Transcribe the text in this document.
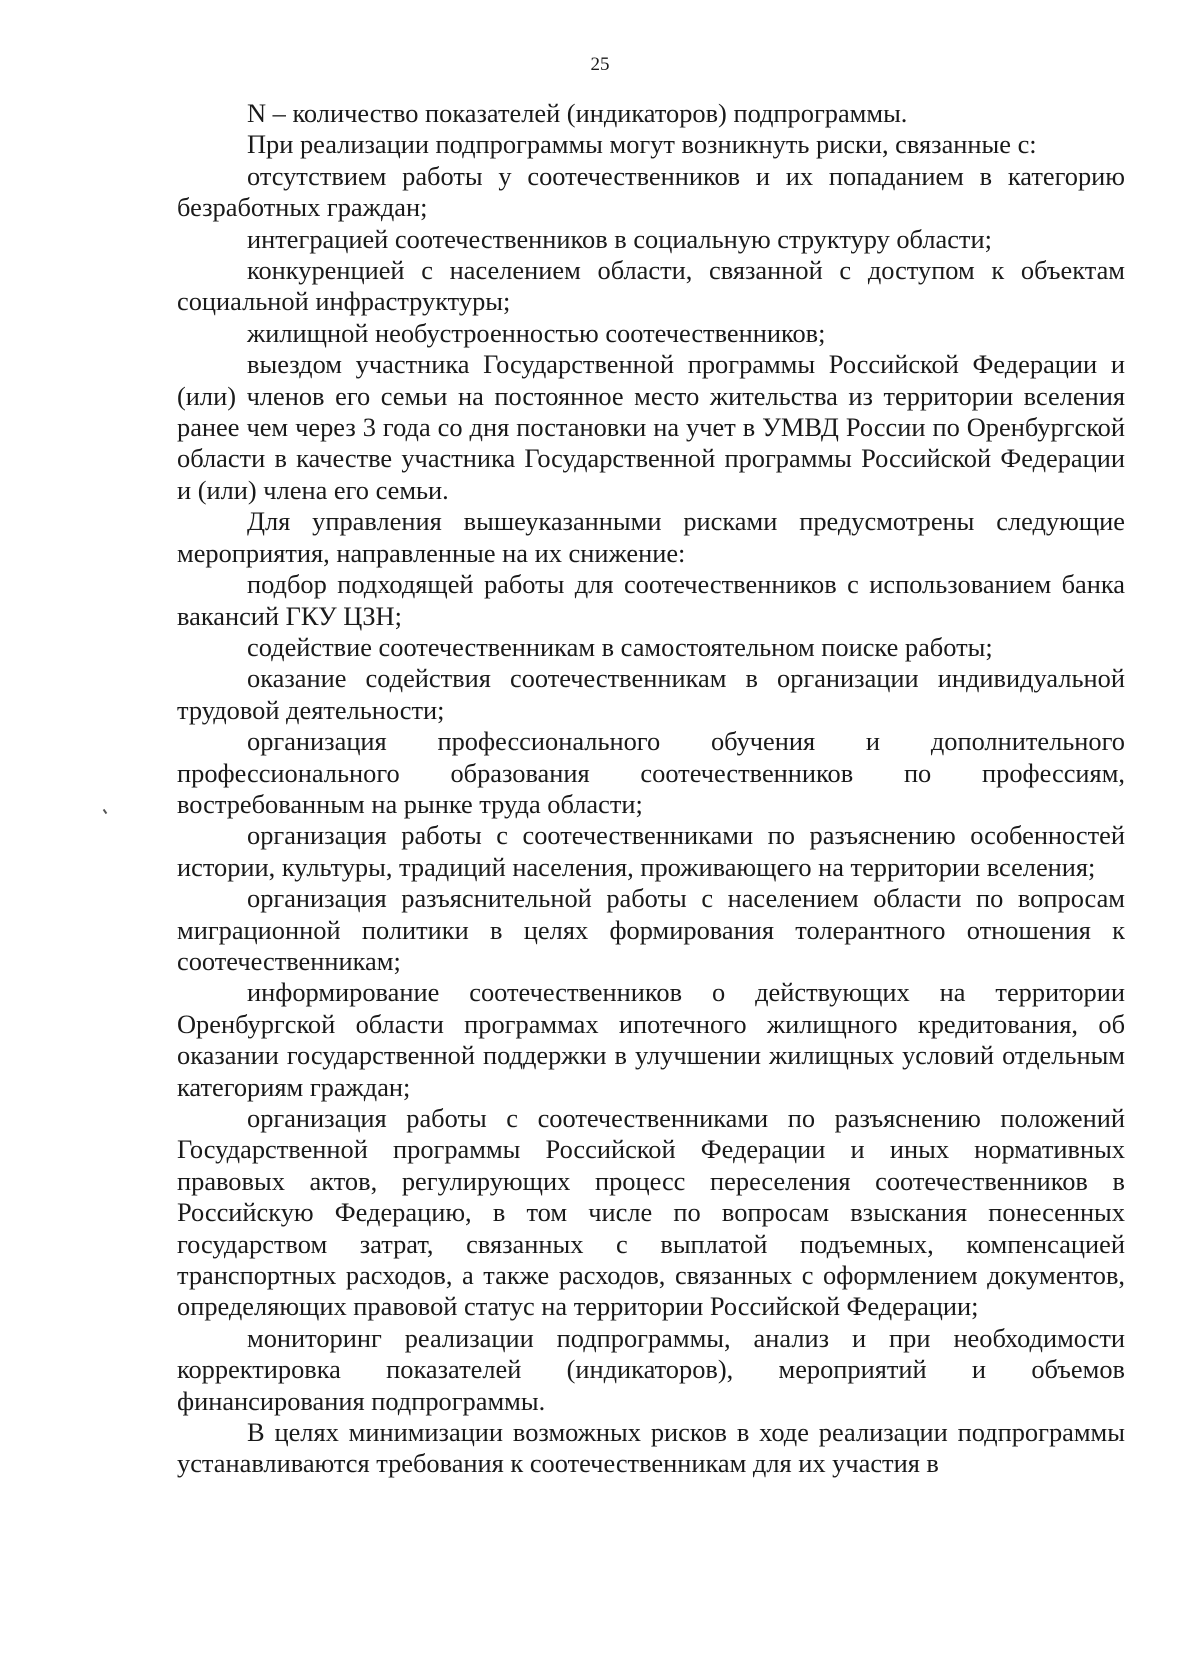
25

N – количество показателей (индикаторов) подпрограммы.

При реализации подпрограммы могут возникнуть риски, связанные с:

отсутствием работы у соотечественников и их попаданием в категорию безработных граждан;

интеграцией соотечественников в социальную структуру области;

конкуренцией с населением области, связанной с доступом к объектам социальной инфраструктуры;

жилищной необустроенностью соотечественников;

выездом участника Государственной программы Российской Федерации и (или) членов его семьи на постоянное место жительства из территории вселения ранее чем через 3 года со дня постановки на учет в УМВД России по Оренбургской области в качестве участника Государственной программы Российской Федерации и (или) члена его семьи.

Для управления вышеуказанными рисками предусмотрены следующие мероприятия, направленные на их снижение:

подбор подходящей работы для соотечественников с использованием банка вакансий ГКУ ЦЗН;

содействие соотечественникам в самостоятельном поиске работы;

оказание содействия соотечественникам в организации индивидуальной трудовой деятельности;

организация профессионального обучения и дополнительного профессионального образования соотечественников по профессиям, востребованным на рынке труда области;

организация работы с соотечественниками по разъяснению особенностей истории, культуры, традиций населения, проживающего на территории вселения;

организация разъяснительной работы с населением области по вопросам миграционной политики в целях формирования толерантного отношения к соотечественникам;

информирование соотечественников о действующих на территории Оренбургской области программах ипотечного жилищного кредитования, об оказании государственной поддержки в улучшении жилищных условий отдельным категориям граждан;

организация работы с соотечественниками по разъяснению положений Государственной программы Российской Федерации и иных нормативных правовых актов, регулирующих процесс переселения соотечественников в Российскую Федерацию, в том числе по вопросам взыскания понесенных государством затрат, связанных с выплатой подъемных, компенсацией транспортных расходов, а также расходов, связанных с оформлением документов, определяющих правовой статус на территории Российской Федерации;

мониторинг реализации подпрограммы, анализ и при необходимости корректировка показателей (индикаторов), мероприятий и объемов финансирования подпрограммы.

В целях минимизации возможных рисков в ходе реализации подпрограммы устанавливаются требования к соотечественникам для их участия в
